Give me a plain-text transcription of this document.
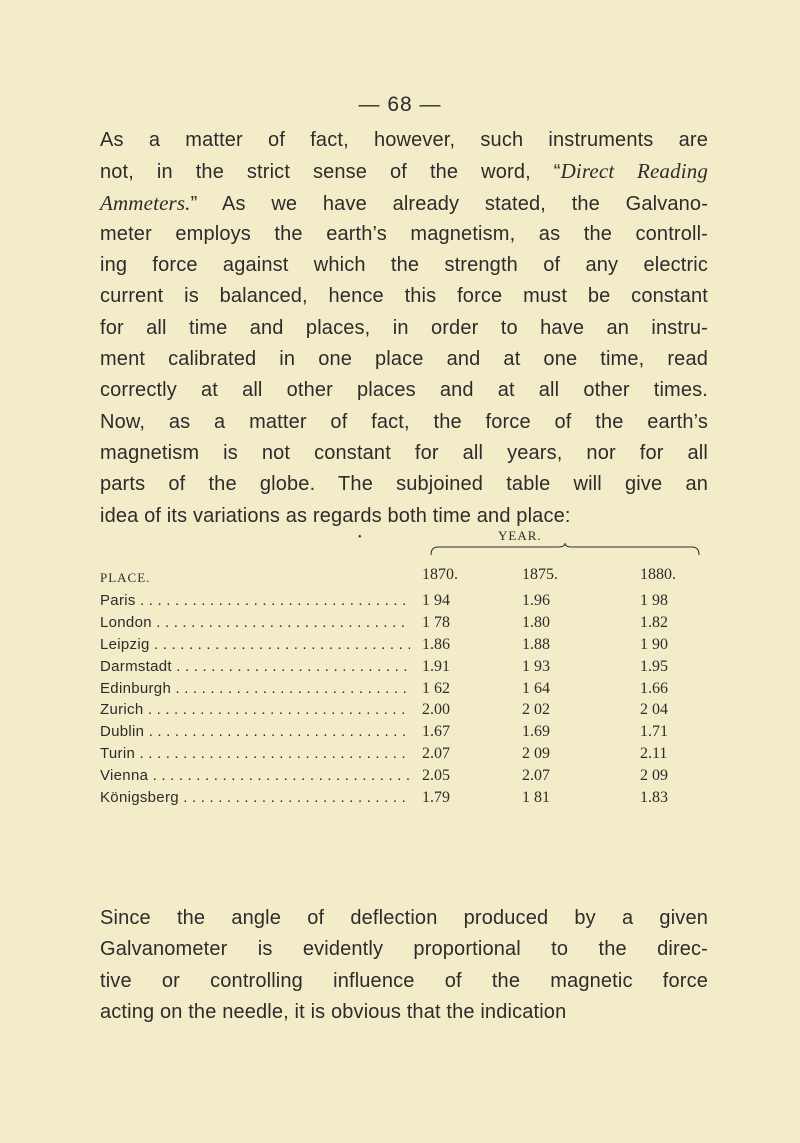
— 68 —

As a matter of fact, however, such instruments are
not, in the strict sense of the word, “Direct Reading
Ammeters.” As we have already stated, the Galvano-
meter employs the earth’s magnetism, as the controll-
ing force against which the strength of any electric
current is balanced, hence this force must be constant
for all time and places, in order to have an instru-
ment calibrated in one place and at one time, read
correctly at all other places and at all other times.
Now, as a matter of fact, the force of the earth’s
magnetism is not constant for all years, nor for all
parts of the globe. The subjoined table will give an
idea of its variations as regards both time and place:

•	YEAR.
PLACE.	1870.	1875.	1880.
Paris . . .	1 94	1.96	1 98
London . . .	1 78	1.80	1.82
Leipzig . . .	1.86	1.88	1 90
Darmstadt . . .	1.91	1 93	1.95
Edinburgh . . .	1 62	1 64	1.66
Zurich . . .	2.00	2 02	2 04
Dublin . . .	1.67	1.69	1.71
Turin . . .	2.07	2 09	2.11
Vienna . . .	2.05	2.07	2 09
Königsberg . . .	1.79	1 81	1.83

Since the angle of deflection produced by a given
Galvanometer is evidently proportional to the direc-
tive or controlling influence of the magnetic force
acting on the needle, it is obvious that the indication
